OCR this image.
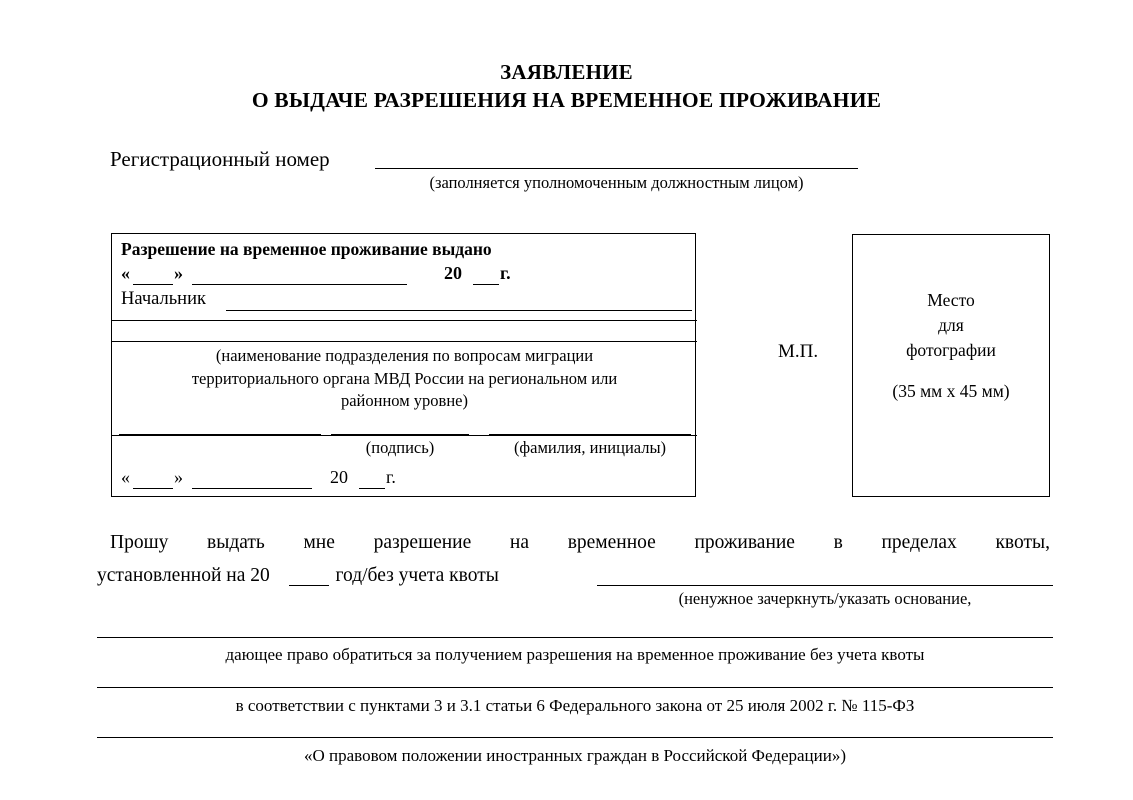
ЗАЯВЛЕНИЕ
О ВЫДАЧЕ РАЗРЕШЕНИЯ НА ВРЕМЕННОЕ ПРОЖИВАНИЕ
Регистрационный номер
(заполняется уполномоченным должностным лицом)
Разрешение на временное проживание выдано
« »	20 г.
Начальник
(наименование подразделения по вопросам миграции
территориального органа МВД России на региональном или
районном уровне)
(подпись)	(фамилия, инициалы)
« »	20 г.
М.П.
Место
для
фотографии
(35 мм х 45 мм)
Прошу выдать мне разрешение на временное проживание в пределах квоты,
установленной на 20	год/без учета квоты
(ненужное зачеркнуть/указать основание,
дающее право обратиться за получением разрешения на временное проживание без учета квоты
в соответствии с пунктами 3 и 3.1 статьи 6 Федерального закона от 25 июля 2002 г. № 115-ФЗ
«О правовом положении иностранных граждан в Российской Федерации»)
